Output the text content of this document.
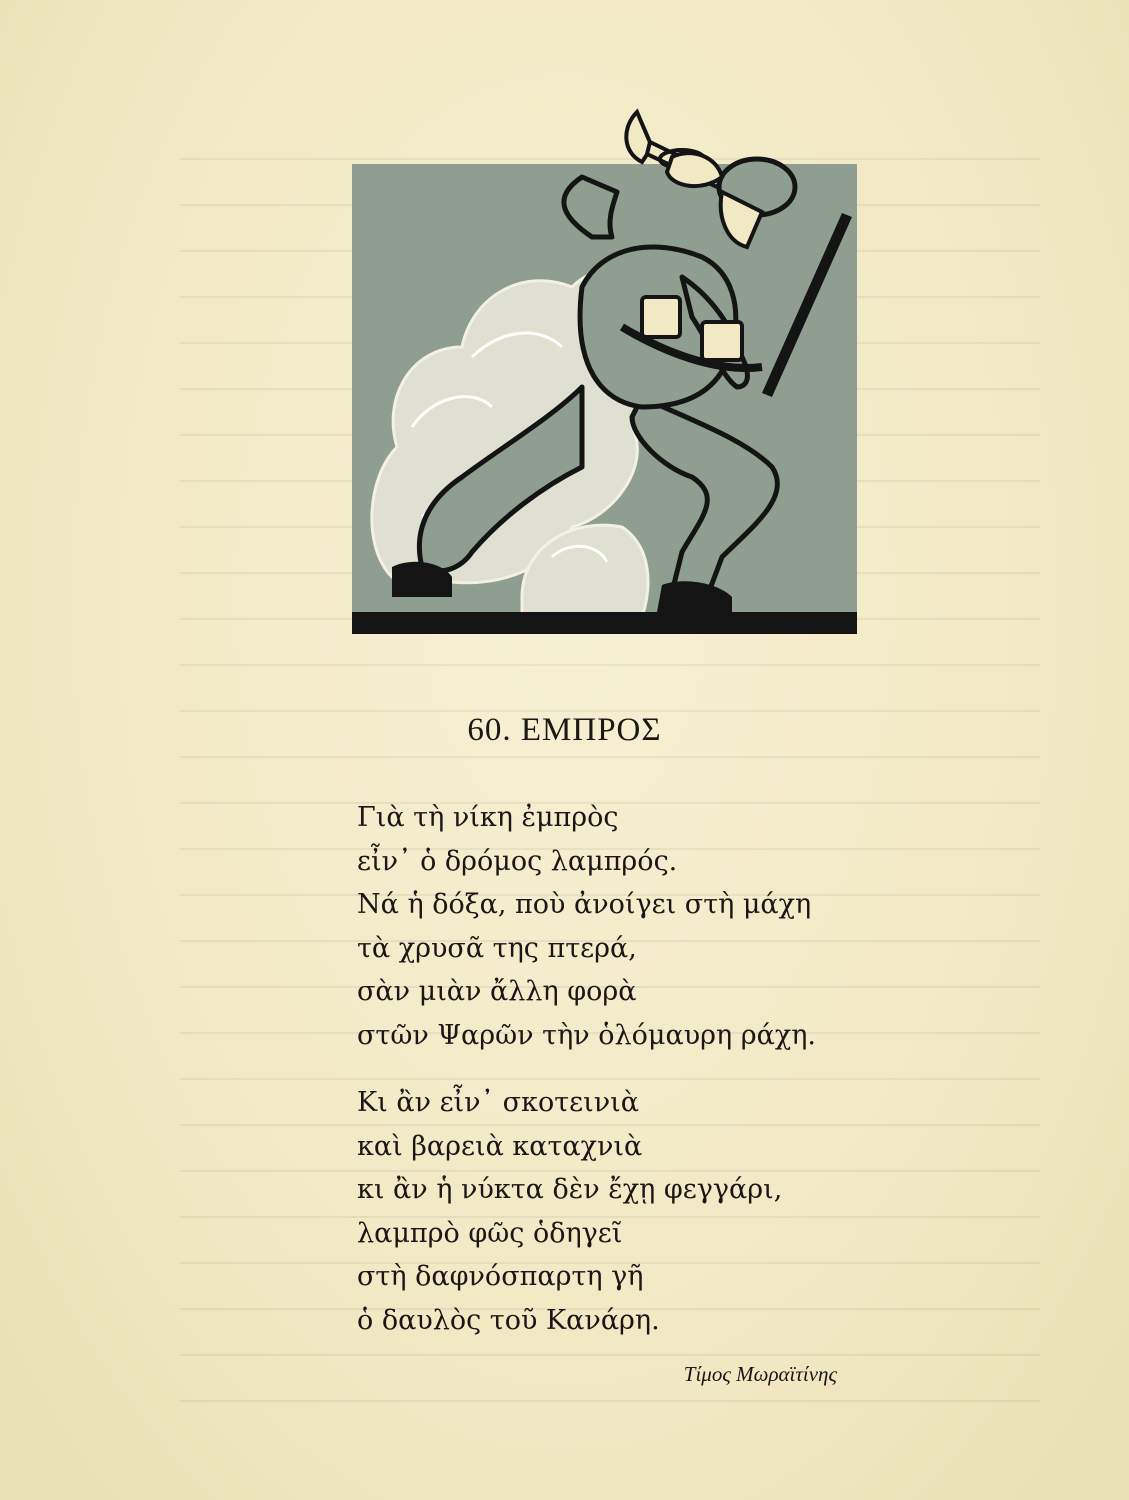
60. ΕΜΠΡΟΣ
Γιὰ τὴ νίκη ἐμπρὸς
εἶν᾽ ὁ δρόμος λαμπρός.
Νά ἡ δόξα, ποὺ ἀνοίγει στὴ μάχη
τὰ χρυσᾶ της πτερά,
σὰν μιὰν ἄλλη φορὰ
στῶν Ψαρῶν τὴν ὁλόμαυρη ράχη.
Κι ἂν εἶν᾽ σκοτεινιὰ
καὶ βαρειὰ καταχνιὰ
κι ἂν ἡ νύκτα δὲν ἔχῃ φεγγάρι,
λαμπρὸ φῶς ὁδηγεῖ
στὴ δαφνόσπαρτη γῆ
ὁ δαυλὸς τοῦ Κανάρη.
Τίμος Μωραϊτίνης
